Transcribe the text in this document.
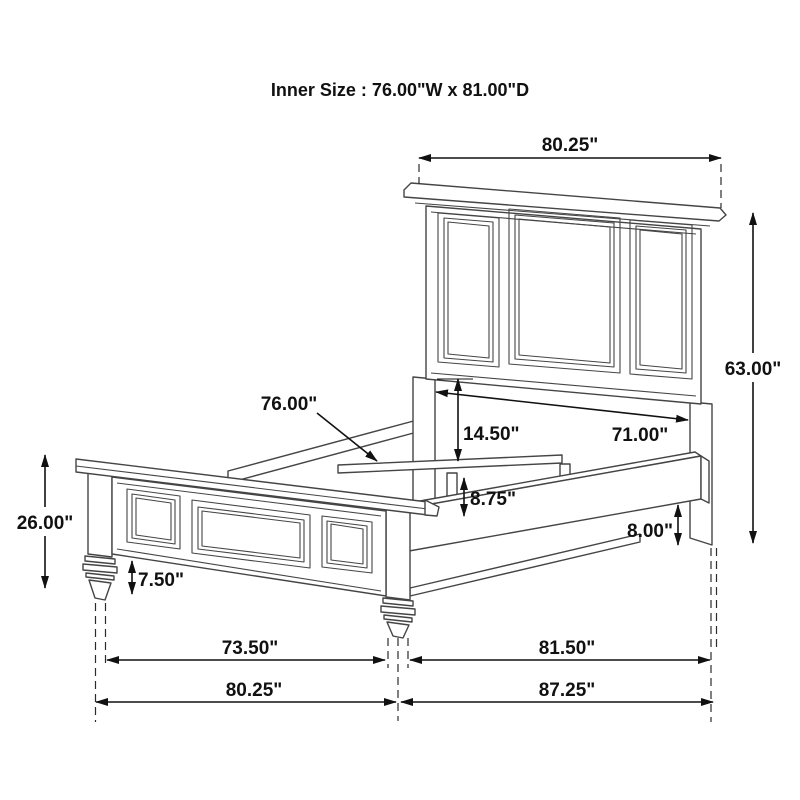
Inner Size : 76.00"W x 81.00"D
80.25"
63.00"
71.00"
14.50"
76.00"
8.75"
8.00"
26.00"
7.50"
73.50"	81.50"
80.25"	87.25"
